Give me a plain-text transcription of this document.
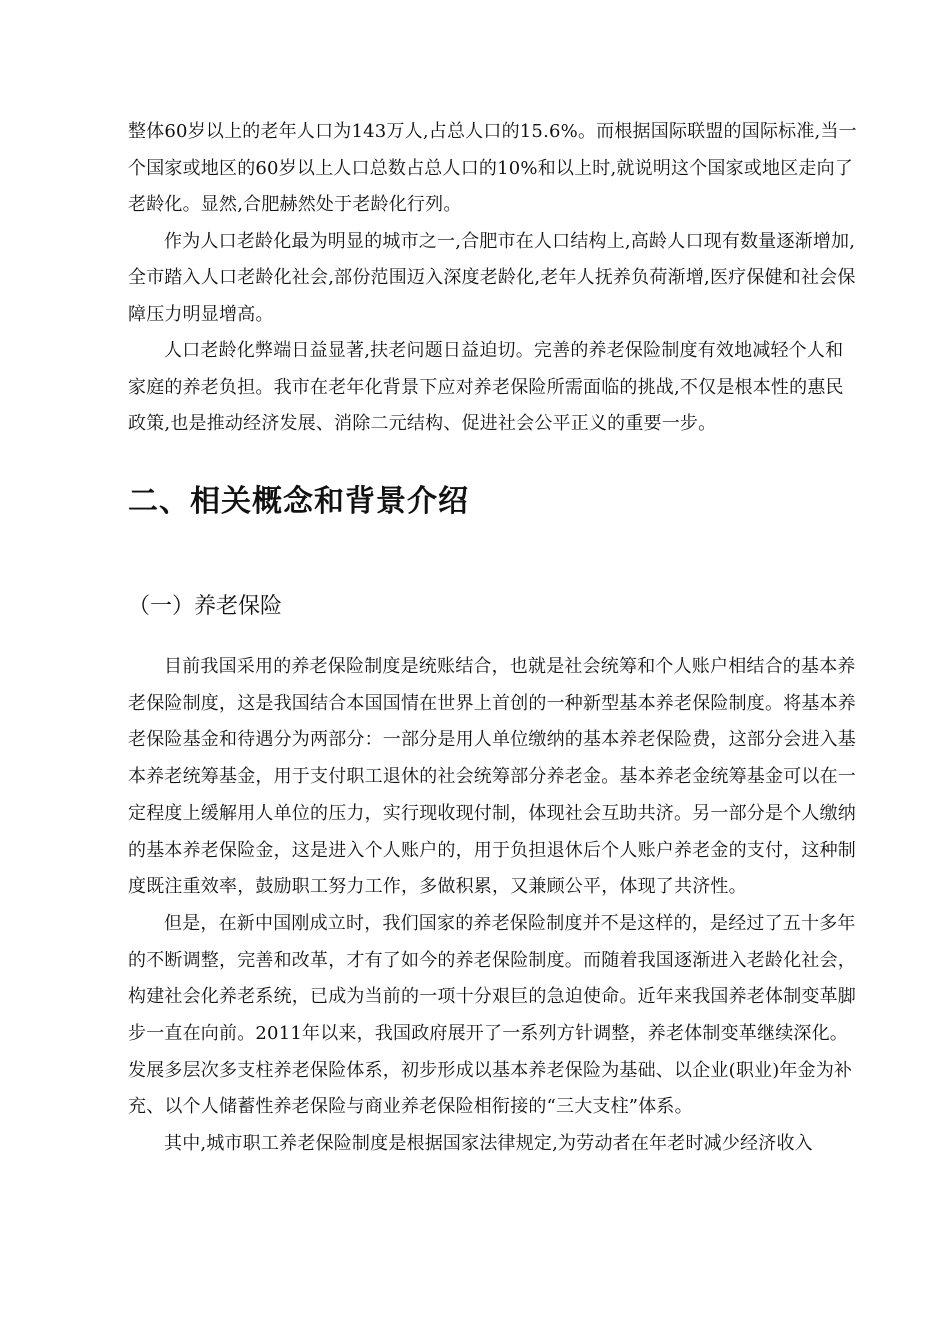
整体60岁以上的老年人口为143万人,占总人口的15.6%。而根据国际联盟的国际标准,当一个国家或地区的60岁以上人口总数占总人口的10%和以上时,就说明这个国家或地区走向了老龄化。显然,合肥赫然处于老龄化行列。

作为人口老龄化最为明显的城市之一,合肥市在人口结构上,高龄人口现有数量逐渐增加,全市踏入人口老龄化社会,部份范围迈入深度老龄化,老年人抚养负荷渐增,医疗保健和社会保障压力明显增高。

人口老龄化弊端日益显著,扶老问题日益迫切。完善的养老保险制度有效地减轻个人和家庭的养老负担。我市在老年化背景下应对养老保险所需面临的挑战,不仅是根本性的惠民政策,也是推动经济发展、消除二元结构、促进社会公平正义的重要一步。

二、相关概念和背景介绍
（一）养老保险

目前我国采用的养老保险制度是统账结合，也就是社会统筹和个人账户相结合的基本养老保险制度，这是我国结合本国国情在世界上首创的一种新型基本养老保险制度。将基本养老保险基金和待遇分为两部分：一部分是用人单位缴纳的基本养老保险费，这部分会进入基本养老统筹基金，用于支付职工退休的社会统筹部分养老金。基本养老金统筹基金可以在一定程度上缓解用人单位的压力，实行现收现付制，体现社会互助共济。另一部分是个人缴纳的基本养老保险金，这是进入个人账户的，用于负担退休后个人账户养老金的支付，这种制度既注重效率，鼓励职工努力工作，多做积累，又兼顾公平，体现了共济性。

但是，在新中国刚成立时，我们国家的养老保险制度并不是这样的，是经过了五十多年的不断调整，完善和改革，才有了如今的养老保险制度。而随着我国逐渐进入老龄化社会，构建社会化养老系统，已成为当前的一项十分艰巨的急迫使命。近年来我国养老体制变革脚步一直在向前。2011年以来，我国政府展开了一系列方针调整，养老体制变革继续深化。发展多层次多支柱养老保险体系，初步形成以基本养老保险为基础、以企业(职业)年金为补充、以个人储蓄性养老保险与商业养老保险相衔接的“三大支柱”体系。

其中,城市职工养老保险制度是根据国家法律规定,为劳动者在年老时减少经济收入
